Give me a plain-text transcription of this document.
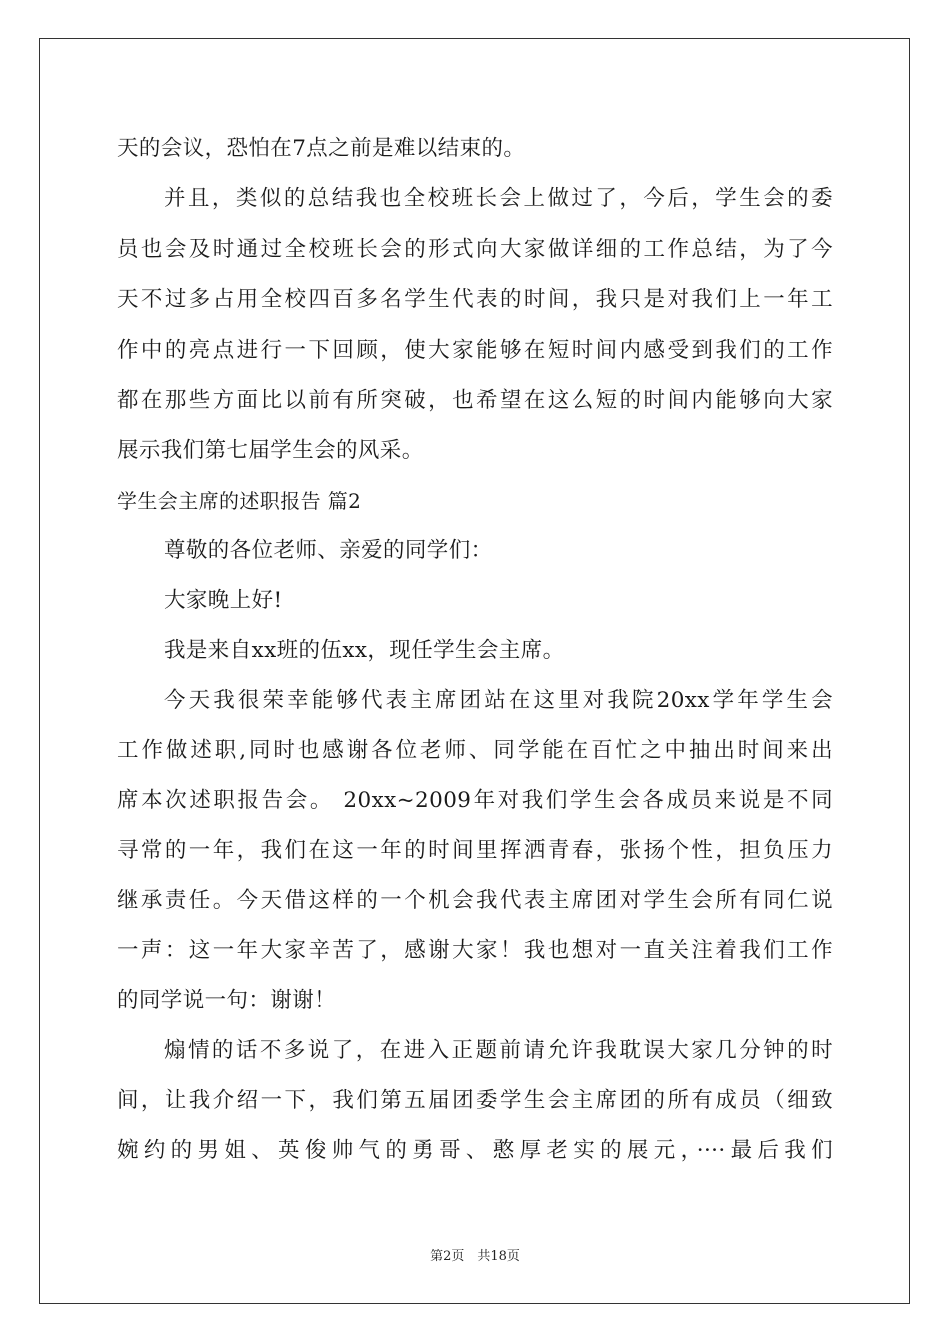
天的会议，恐怕在7点之前是难以结束的。
并且，类似的总结我也全校班长会上做过了，今后，学生会的委
员也会及时通过全校班长会的形式向大家做详细的工作总结，为了今
天不过多占用全校四百多名学生代表的时间，我只是对我们上一年工
作中的亮点进行一下回顾，使大家能够在短时间内感受到我们的工作
都在那些方面比以前有所突破，也希望在这么短的时间内能够向大家
展示我们第七届学生会的风采。
学生会主席的述职报告 篇2
尊敬的各位老师、亲爱的同学们：
大家晚上好!
我是来自xx班的伍xx，现任学生会主席。
今天我很荣幸能够代表主席团站在这里对我院20xx学年学生会
工作做述职,同时也感谢各位老师、同学能在百忙之中抽出时间来出
席本次述职报告会。 20xx~2009年对我们学生会各成员来说是不同
寻常的一年，我们在这一年的时间里挥洒青春，张扬个性，担负压力
继承责任。今天借这样的一个机会我代表主席团对学生会所有同仁说
一声：这一年大家辛苦了，感谢大家！我也想对一直关注着我们工作
的同学说一句：谢谢！
煽情的话不多说了，在进入正题前请允许我耽误大家几分钟的时
间，让我介绍一下，我们第五届团委学生会主席团的所有成员（细致
婉约的男姐、英俊帅气的勇哥、憨厚老实的展元，····最后我们
第2页　共18页
